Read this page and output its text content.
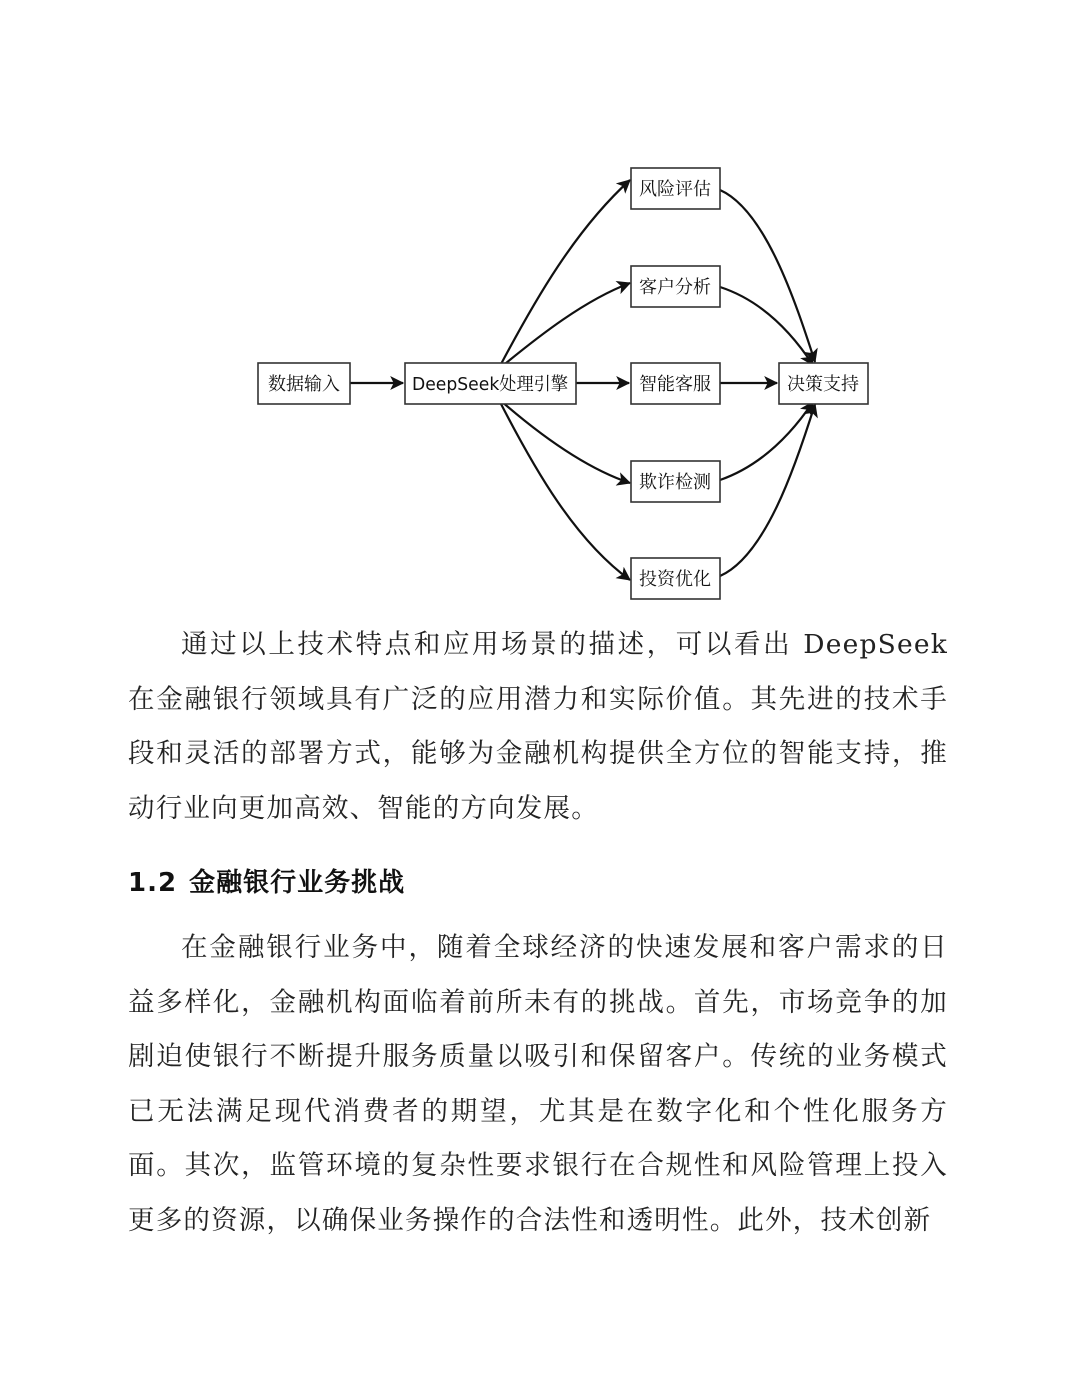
数据输入	DeepSeek处理引擎
风险评估
客户分析
智能客服
欺诈检测
投资优化
决策支持

通过以上技术特点和应用场景的描述，可以看出 DeepSeek 在金融银行领域具有广泛的应用潜力和实际价值。其先进的技术手段和灵活的部署方式，能够为金融机构提供全方位的智能支持，推动行业向更加高效、智能的方向发展。

1.2 金融银行业务挑战

在金融银行业务中，随着全球经济的快速发展和客户需求的日益多样化，金融机构面临着前所未有的挑战。首先，市场竞争的加剧迫使银行不断提升服务质量以吸引和保留客户。传统的业务模式已无法满足现代消费者的期望，尤其是在数字化和个性化服务方面。其次，监管环境的复杂性要求银行在合规性和风险管理上投入更多的资源，以确保业务操作的合法性和透明性。此外，技术创新
